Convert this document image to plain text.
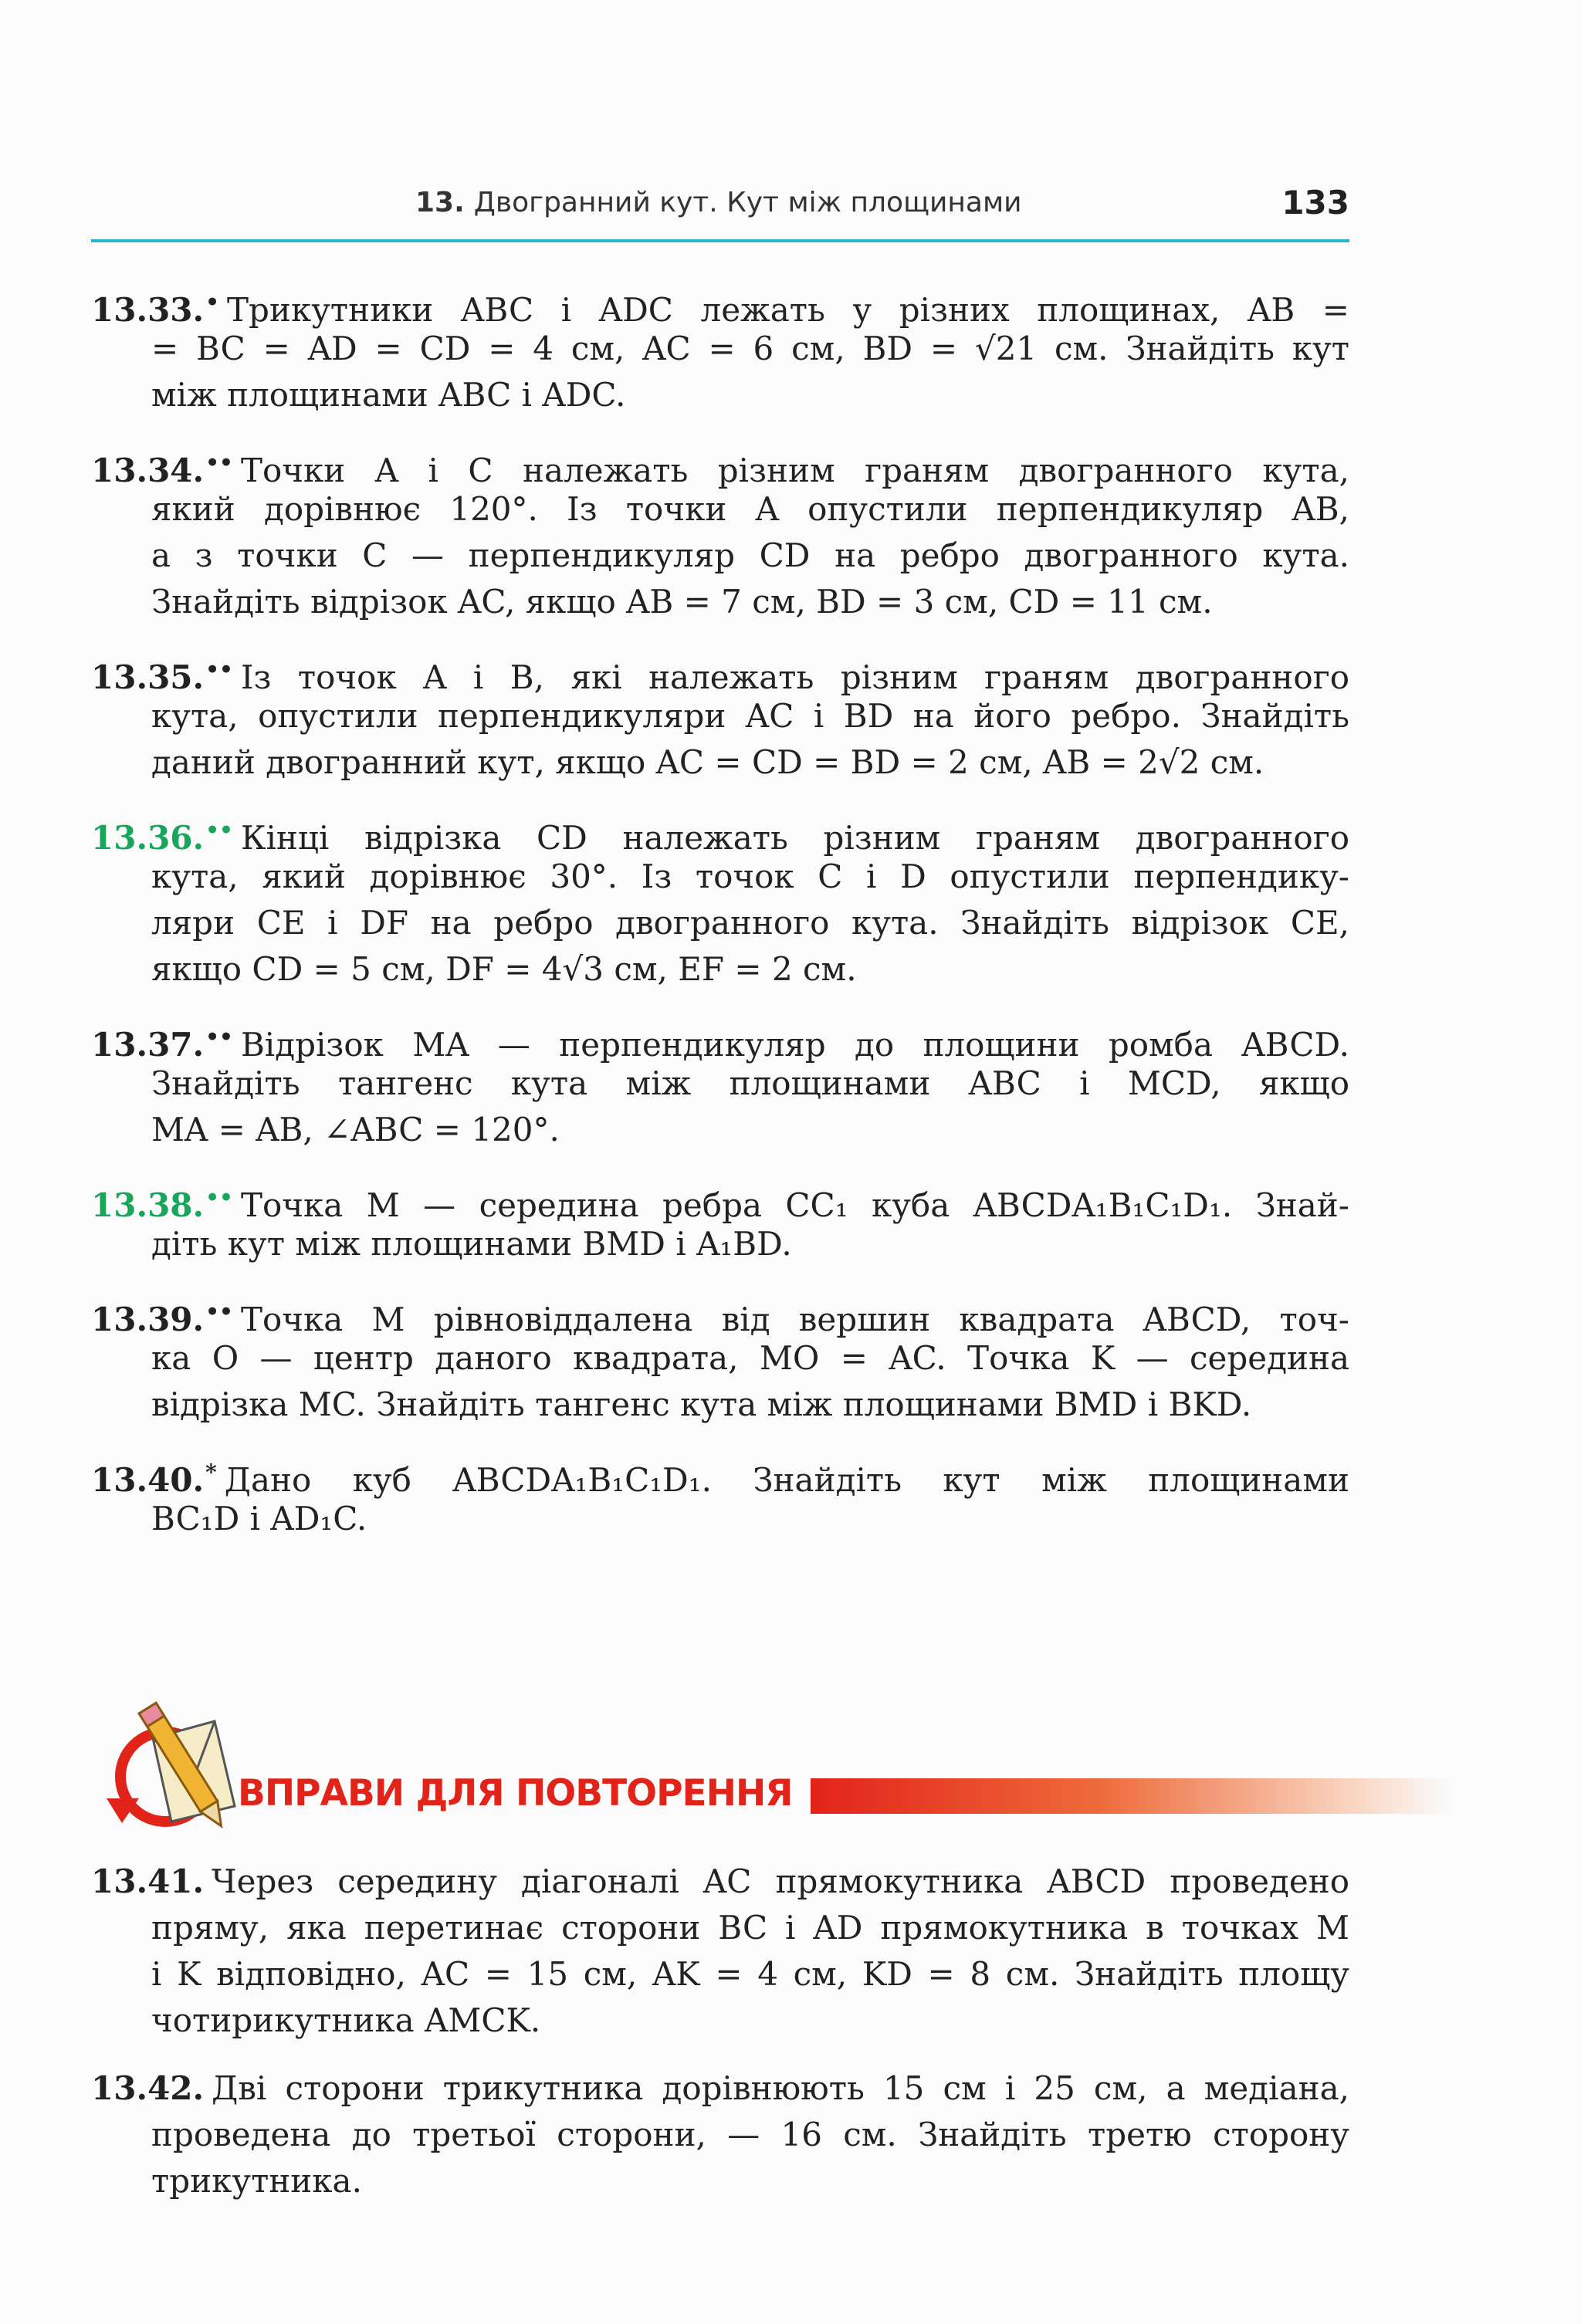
13. Двогранний кут. Кут між площинами	133
13.33.• Трикутники ABC і ADC лежать у різних площинах, AB =
= BC = AD = CD = 4 см, AC = 6 см, BD = √21 см. Знайдіть кут
між площинами ABC і ADC.
13.34.•• Точки A і C належать різним граням двогранного кута,
який дорівнює 120°. Із точки A опустили перпендикуляр AB,
а з точки C — перпендикуляр CD на ребро двогранного кута.
Знайдіть відрізок AC, якщо AB = 7 см, BD = 3 см, CD = 11 см.
13.35.•• Із точок A і B, які належать різним граням двогранного
кута, опустили перпендикуляри AC і BD на його ребро. Знайдіть
даний двогранний кут, якщо AC = CD = BD = 2 см, AB = 2√2 см.
13.36.•• Кінці відрізка CD належать різним граням двогранного
кута, який дорівнює 30°. Із точок C і D опустили перпендику-
ляри CE і DF на ребро двогранного кута. Знайдіть відрізок CE,
якщо CD = 5 см, DF = 4√3 см, EF = 2 см.
13.37.•• Відрізок MA — перпендикуляр до площини ромба ABCD.
Знайдіть тангенс кута між площинами ABC і MCD, якщо
MA = AB, ∠ABC = 120°.
13.38.•• Точка M — середина ребра CC₁ куба ABCDA₁B₁C₁D₁. Знай-
діть кут між площинами BMD і A₁BD.
13.39.•• Точка M рівновіддалена від вершин квадрата ABCD, точ-
ка O — центр даного квадрата, MO = AC. Точка K — середина
відрізка MC. Знайдіть тангенс кута між площинами BMD і BKD.
13.40.* Дано куб ABCDA₁B₁C₁D₁. Знайдіть кут між площинами
BC₁D і AD₁C.
ВПРАВИ ДЛЯ ПОВТОРЕННЯ
13.41. Через середину діагоналі AC прямокутника ABCD проведено
пряму, яка перетинає сторони BC і AD прямокутника в точках M
і K відповідно, AC = 15 см, AK = 4 см, KD = 8 см. Знайдіть площу
чотирикутника AMCK.
13.42. Дві сторони трикутника дорівнюють 15 см і 25 см, а медіана,
проведена до третьої сторони, — 16 см. Знайдіть третю сторону
трикутника.
